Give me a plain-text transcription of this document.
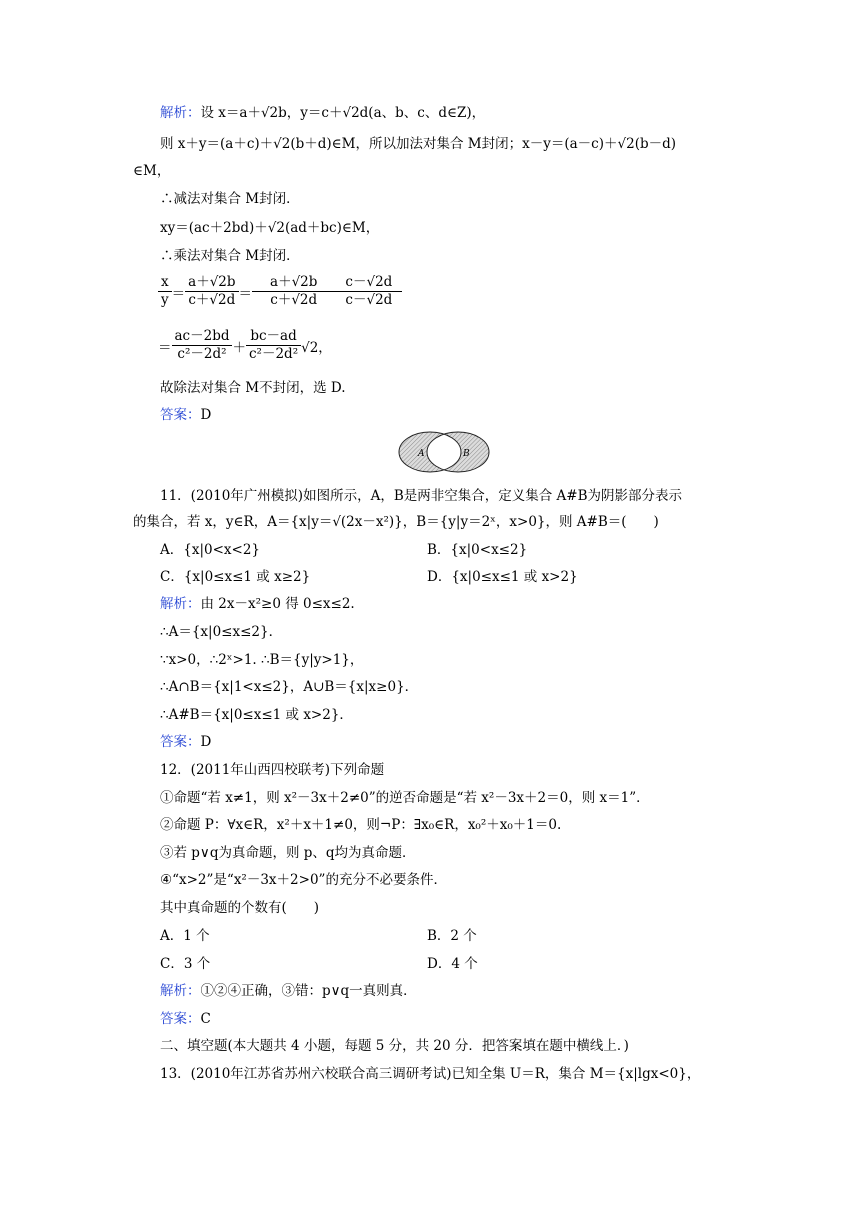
解析：设 x＝a＋√2b，y＝c＋√2d(a、b、c、d∈Z)，
则 x＋y＝(a＋c)＋√2(b＋d)∈M，所以加法对集合 M封闭；x－y＝(a－c)＋√2(b－d)
∈M，
∴减法对集合 M封闭．
xy＝(ac＋2bd)＋√2(ad＋bc)∈M，
∴乘法对集合 M封闭．
$\frac{x}{y} = \frac{a+√2b}{c+√2d} = \frac{a+√2b}{c+√2d} \frac{c-√2d}{c-√2d}$
＝ $\frac{ac-2bd}{\text{c²－2d²}} + \frac{bc-ad}{\text{c²－2d²}} √2$，
故除法对集合 M不封闭，选 D.
答案：D
A	B
11．(2010年广州模拟)如图所示，A，B是两非空集合，定义集合 A#B为阴影部分表示
的集合，若 x，y∈R，A＝{x|y＝√(2x－x²)}，B＝{y|y＝2ˣ，x>0}，则 A#B＝(　　)
A．{x|0<x<2}	B．{x|0<x≤2}
C．{x|0≤x≤1 或 x≥2}	D．{x|0≤x≤1 或 x>2}
解析：由 2x－x²≥0 得 0≤x≤2.
∴A＝{x|0≤x≤2}．
∵x>0，∴2ˣ>1. ∴B＝{y|y>1}，
∴A∩B＝{x|1<x≤2}，A∪B＝{x|x≥0}．
∴A#B＝{x|0≤x≤1 或 x>2}．
答案：D
12．(2011年山西四校联考)下列命题
①命题“若 x≠1，则 x²－3x＋2≠0”的逆否命题是“若 x²－3x＋2＝0，则 x＝1”．
②命题 P：∀x∈R，x²＋x＋1≠0，则¬P：∃x₀∈R，x₀²＋x₀＋1＝0.
③若 p∨q为真命题，则 p、q均为真命题．
④“x>2”是“x²－3x＋2>0”的充分不必要条件．
其中真命题的个数有(　　)
A．1 个	B．2 个
C．3 个	D．4 个
解析：①②④正确，③错：p∨q一真则真．
答案：C
二、填空题(本大题共 4 小题，每题 5 分，共 20 分．把答案填在题中横线上．)
13．(2010年江苏省苏州六校联合高三调研考试)已知全集 U＝R，集合 M＝{x|lgx<0}，
